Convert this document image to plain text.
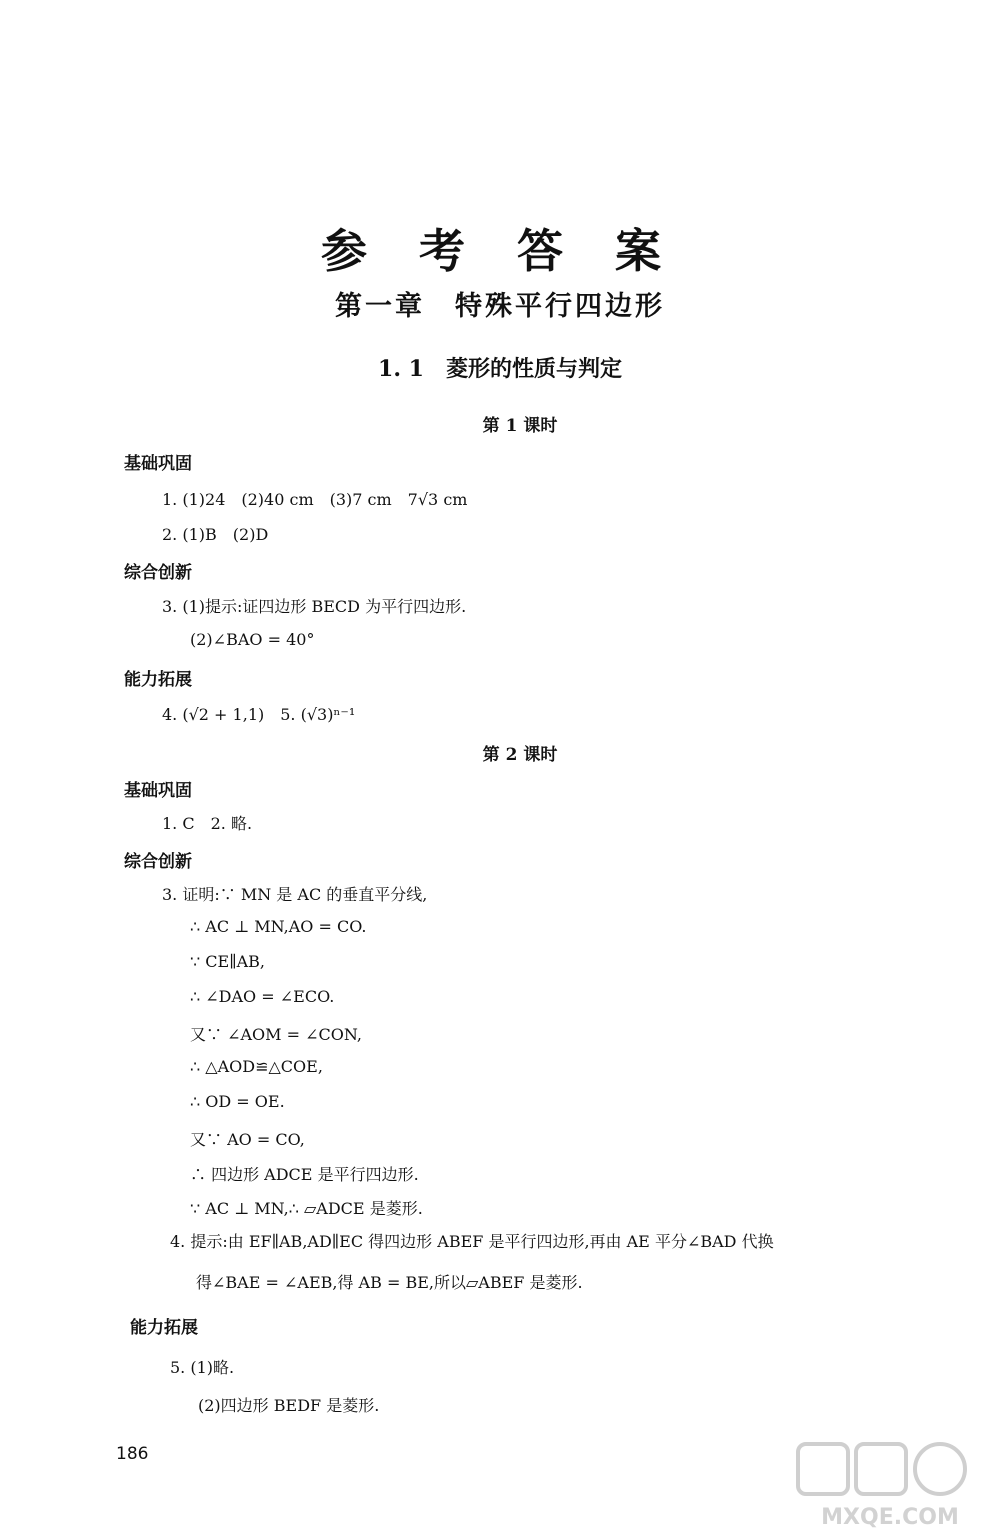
参 考 答 案
第一章　特殊平行四边形
1. 1　菱形的性质与判定
第 1 课时
基础巩固
1. (1)24　(2)40 cm　(3)7 cm　7√3 cm
2. (1)B　(2)D
综合创新
3. (1)提示:证四边形 BECD 为平行四边形.
(2)∠BAO = 40°
能力拓展
4. (√2 + 1,1)　5. (√3)ⁿ⁻¹
第 2 课时
基础巩固
1. C　2. 略.
综合创新
3. 证明:∵ MN 是 AC 的垂直平分线,
∴ AC ⊥ MN,AO = CO.
∵ CE∥AB,
∴ ∠DAO = ∠ECO.
又∵ ∠AOM = ∠CON,
∴ △AOD≌△COE,
∴ OD = OE.
又∵ AO = CO,
∴ 四边形 ADCE 是平行四边形.
∵ AC ⊥ MN,∴ ▱ADCE 是菱形.
4. 提示:由 EF∥AB,AD∥EC 得四边形 ABEF 是平行四边形,再由 AE 平分∠BAD 代换
得∠BAE = ∠AEB,得 AB = BE,所以▱ABEF 是菱形.
能力拓展
5. (1)略.
(2)四边形 BEDF 是菱形.
186
MXQE.COM
